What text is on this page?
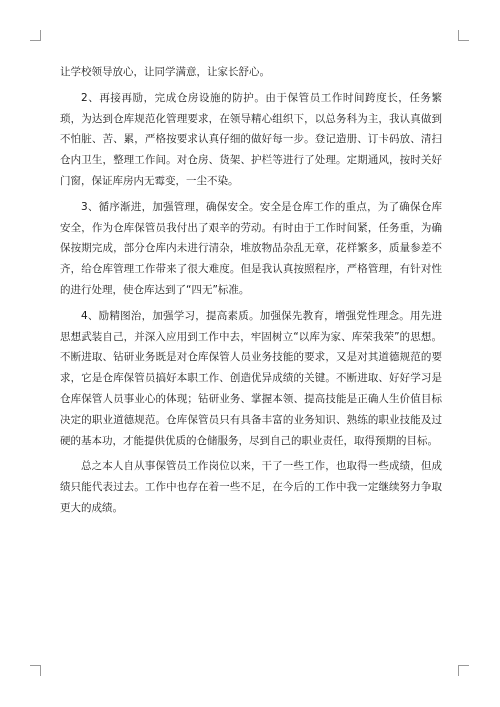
让学校领导放心，让同学满意，让家长舒心。

2、再接再励，完成仓房设施的防护。由于保管员工作时间跨度长，任务繁琐，为达到仓库规范化管理要求，在领导精心组织下，以总务科为主，我认真做到不怕脏、苦、累，严格按要求认真仔细的做好每一步。登记造册、订卡码放、清扫仓内卫生，整理工作间。对仓房、货架、护栏等进行了处理。定期通风，按时关好门窗，保证库房内无霉变，一尘不染。

3、循序渐进，加强管理，确保安全。安全是仓库工作的重点，为了确保仓库安全，作为仓库保管员我付出了艰辛的劳动。有时由于工作时间紧，任务重，为确保按期完成，部分仓库内未进行清杂，堆放物品杂乱无章，花样繁多，质量参差不齐，给仓库管理工作带来了很大难度。但是我认真按照程序，严格管理，有针对性的进行处理，使仓库达到了“四无”标准。

4、励精图治，加强学习，提高素质。加强保先教育，增强党性理念。用先进思想武装自己，并深入应用到工作中去，牢固树立“以库为家、库荣我荣”的思想。不断进取、钻研业务既是对仓库保管人员业务技能的要求，又是对其道德规范的要求，它是仓库保管员搞好本职工作、创造优异成绩的关键。不断进取、好好学习是仓库保管人员事业心的体现；钻研业务、掌握本领、提高技能是正确人生价值目标决定的职业道德规范。仓库保管员只有具备丰富的业务知识、熟练的职业技能及过硬的基本功，才能提供优质的仓储服务，尽到自己的职业责任，取得预期的目标。

总之本人自从事保管员工作岗位以来，干了一些工作，也取得一些成绩，但成绩只能代表过去。工作中也存在着一些不足，在今后的工作中我一定继续努力争取更大的成绩。
